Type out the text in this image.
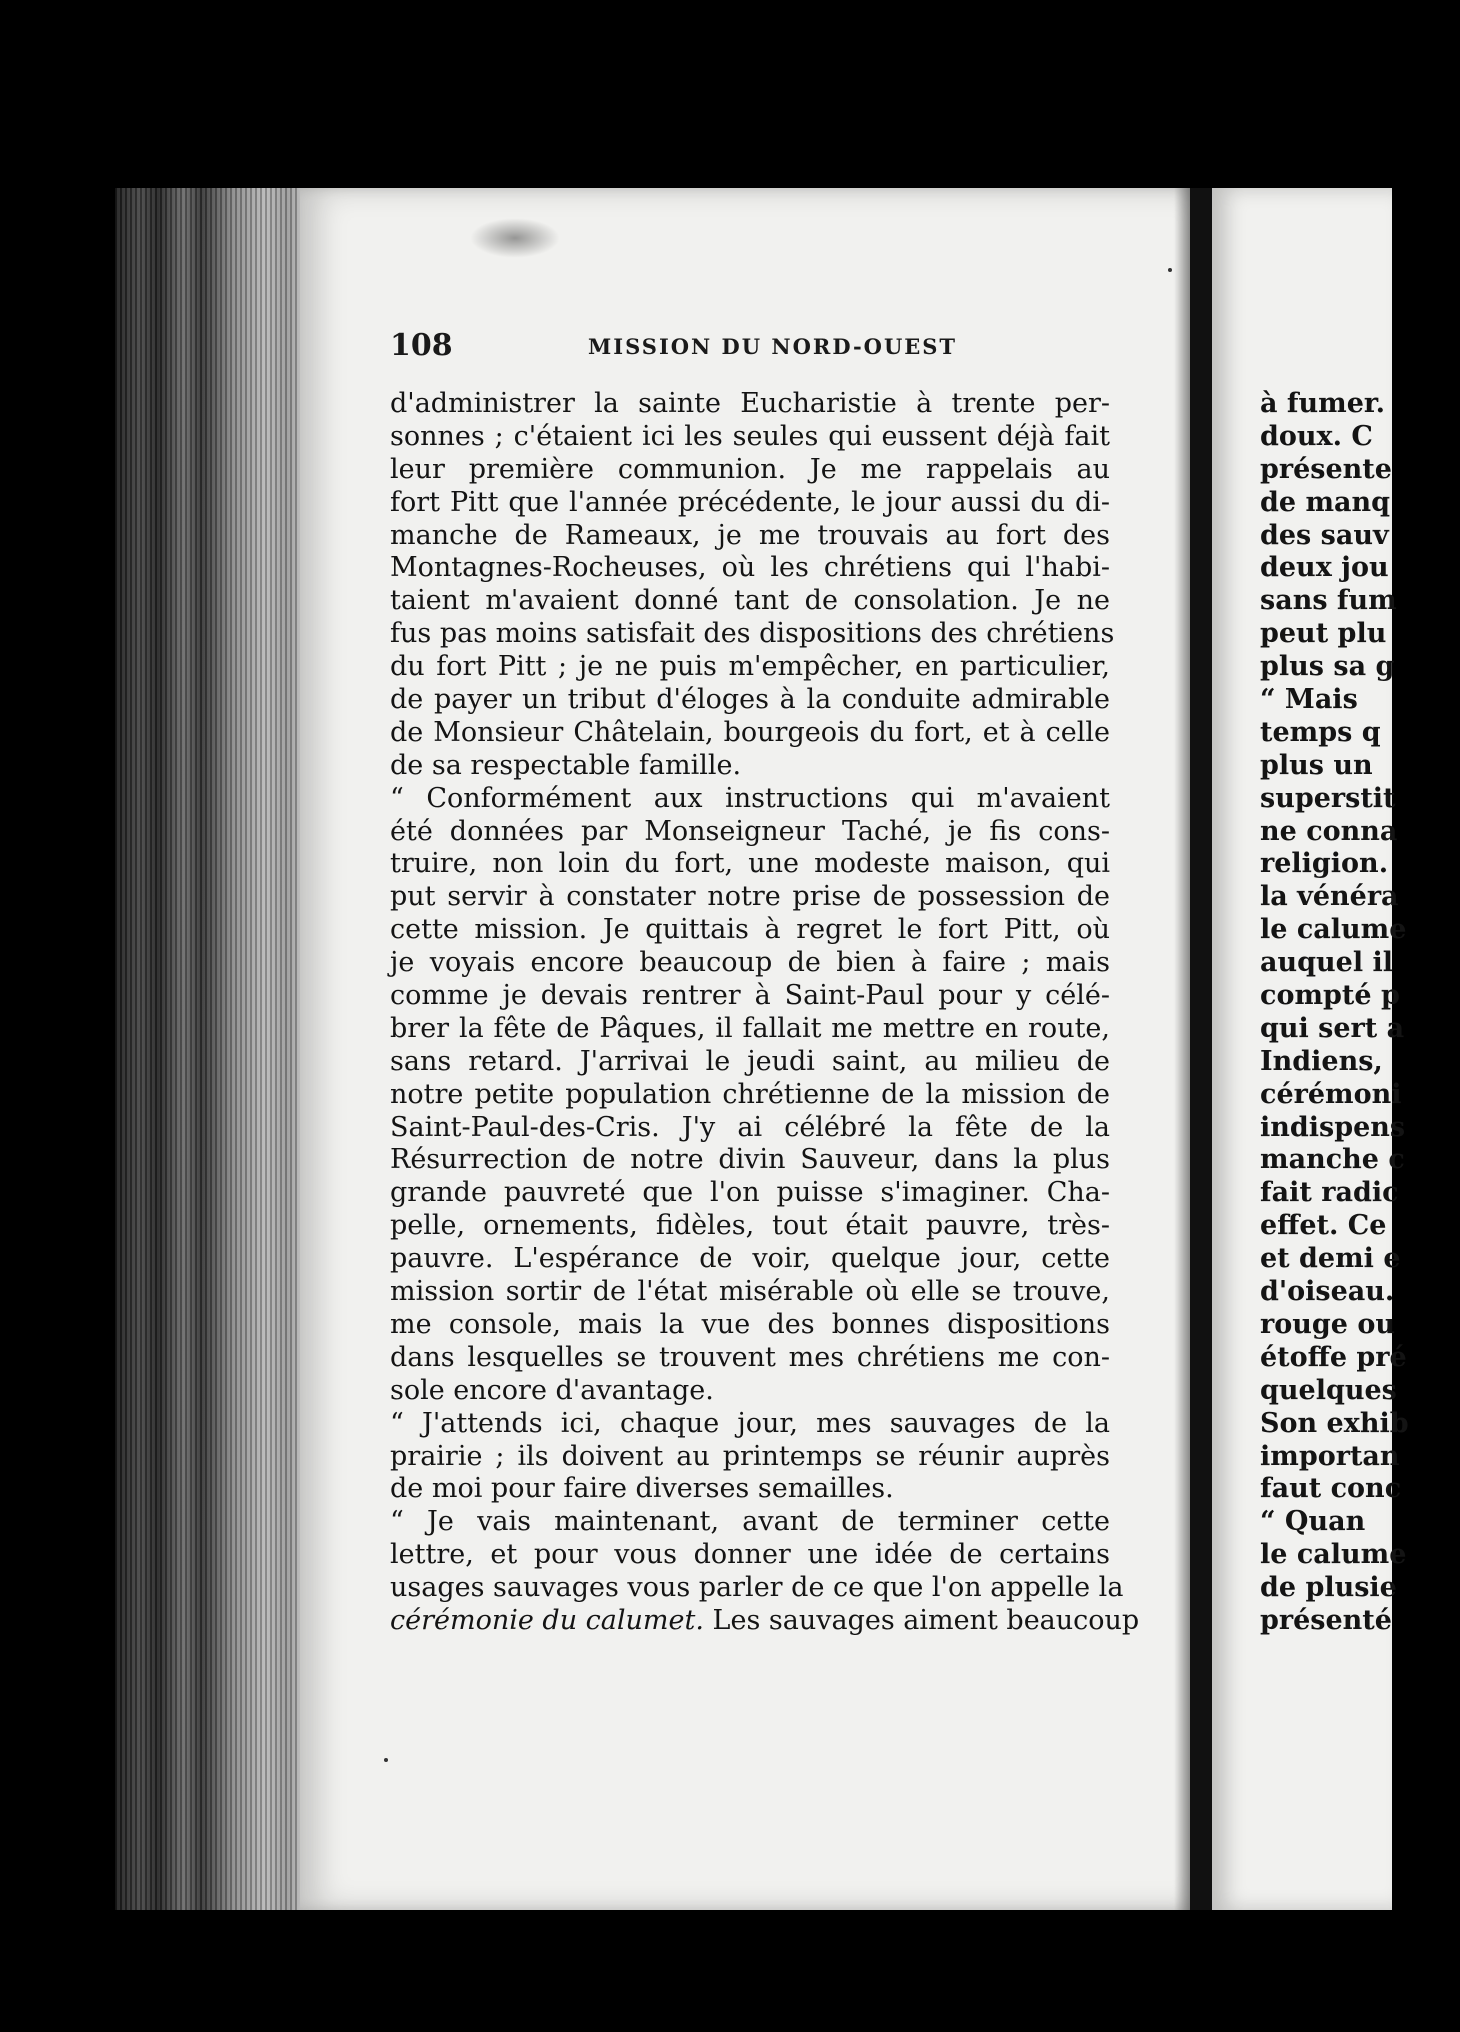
108	MISSION DU NORD-OUEST
d'administrer la sainte Eucharistie à trente per-
sonnes ; c'étaient ici les seules qui eussent déjà fait
leur première communion. Je me rappelais au
fort Pitt que l'année précédente, le jour aussi du di-
manche de Rameaux, je me trouvais au fort des
Montagnes-Rocheuses, où les chrétiens qui l'habi-
taient m'avaient donné tant de consolation. Je ne
fus pas moins satisfait des dispositions des chrétiens
du fort Pitt ; je ne puis m'empêcher, en particulier,
de payer un tribut d'éloges à la conduite admirable
de Monsieur Châtelain, bourgeois du fort, et à celle
de sa respectable famille.
“ Conformément aux instructions qui m'avaient
été données par Monseigneur Taché, je fis cons-
truire, non loin du fort, une modeste maison, qui
put servir à constater notre prise de possession de
cette mission. Je quittais à regret le fort Pitt, où
je voyais encore beaucoup de bien à faire ; mais
comme je devais rentrer à Saint-Paul pour y célé-
brer la fête de Pâques, il fallait me mettre en route,
sans retard. J'arrivai le jeudi saint, au milieu de
notre petite population chrétienne de la mission de
Saint-Paul-des-Cris. J'y ai célébré la fête de la
Résurrection de notre divin Sauveur, dans la plus
grande pauvreté que l'on puisse s'imaginer. Cha-
pelle, ornements, fidèles, tout était pauvre, très-
pauvre. L'espérance de voir, quelque jour, cette
mission sortir de l'état misérable où elle se trouve,
me console, mais la vue des bonnes dispositions
dans lesquelles se trouvent mes chrétiens me con-
sole encore d'avantage.
“ J'attends ici, chaque jour, mes sauvages de la
prairie ; ils doivent au printemps se réunir auprès
de moi pour faire diverses semailles.
“ Je vais maintenant, avant de terminer cette
lettre, et pour vous donner une idée de certains
usages sauvages vous parler de ce que l'on appelle la
cérémonie du calumet. Les sauvages aiment beaucoup
à fumer.
doux. C
présente
de manq
des sauv
deux jou
sans fum
peut plu
plus sa g
“ Mais
temps q
plus un
superstit
ne conna
religion.
la vénéra
le calume
auquel il
compté p
qui sert a
Indiens,
cérémoni
indispens
manche c
fait radic
effet. Ce
et demi e
d'oiseau.
rouge ou
étoffe pré
quelques
Son exhib
importan
faut conc
“ Quan
le calume
de plusie
présenté
